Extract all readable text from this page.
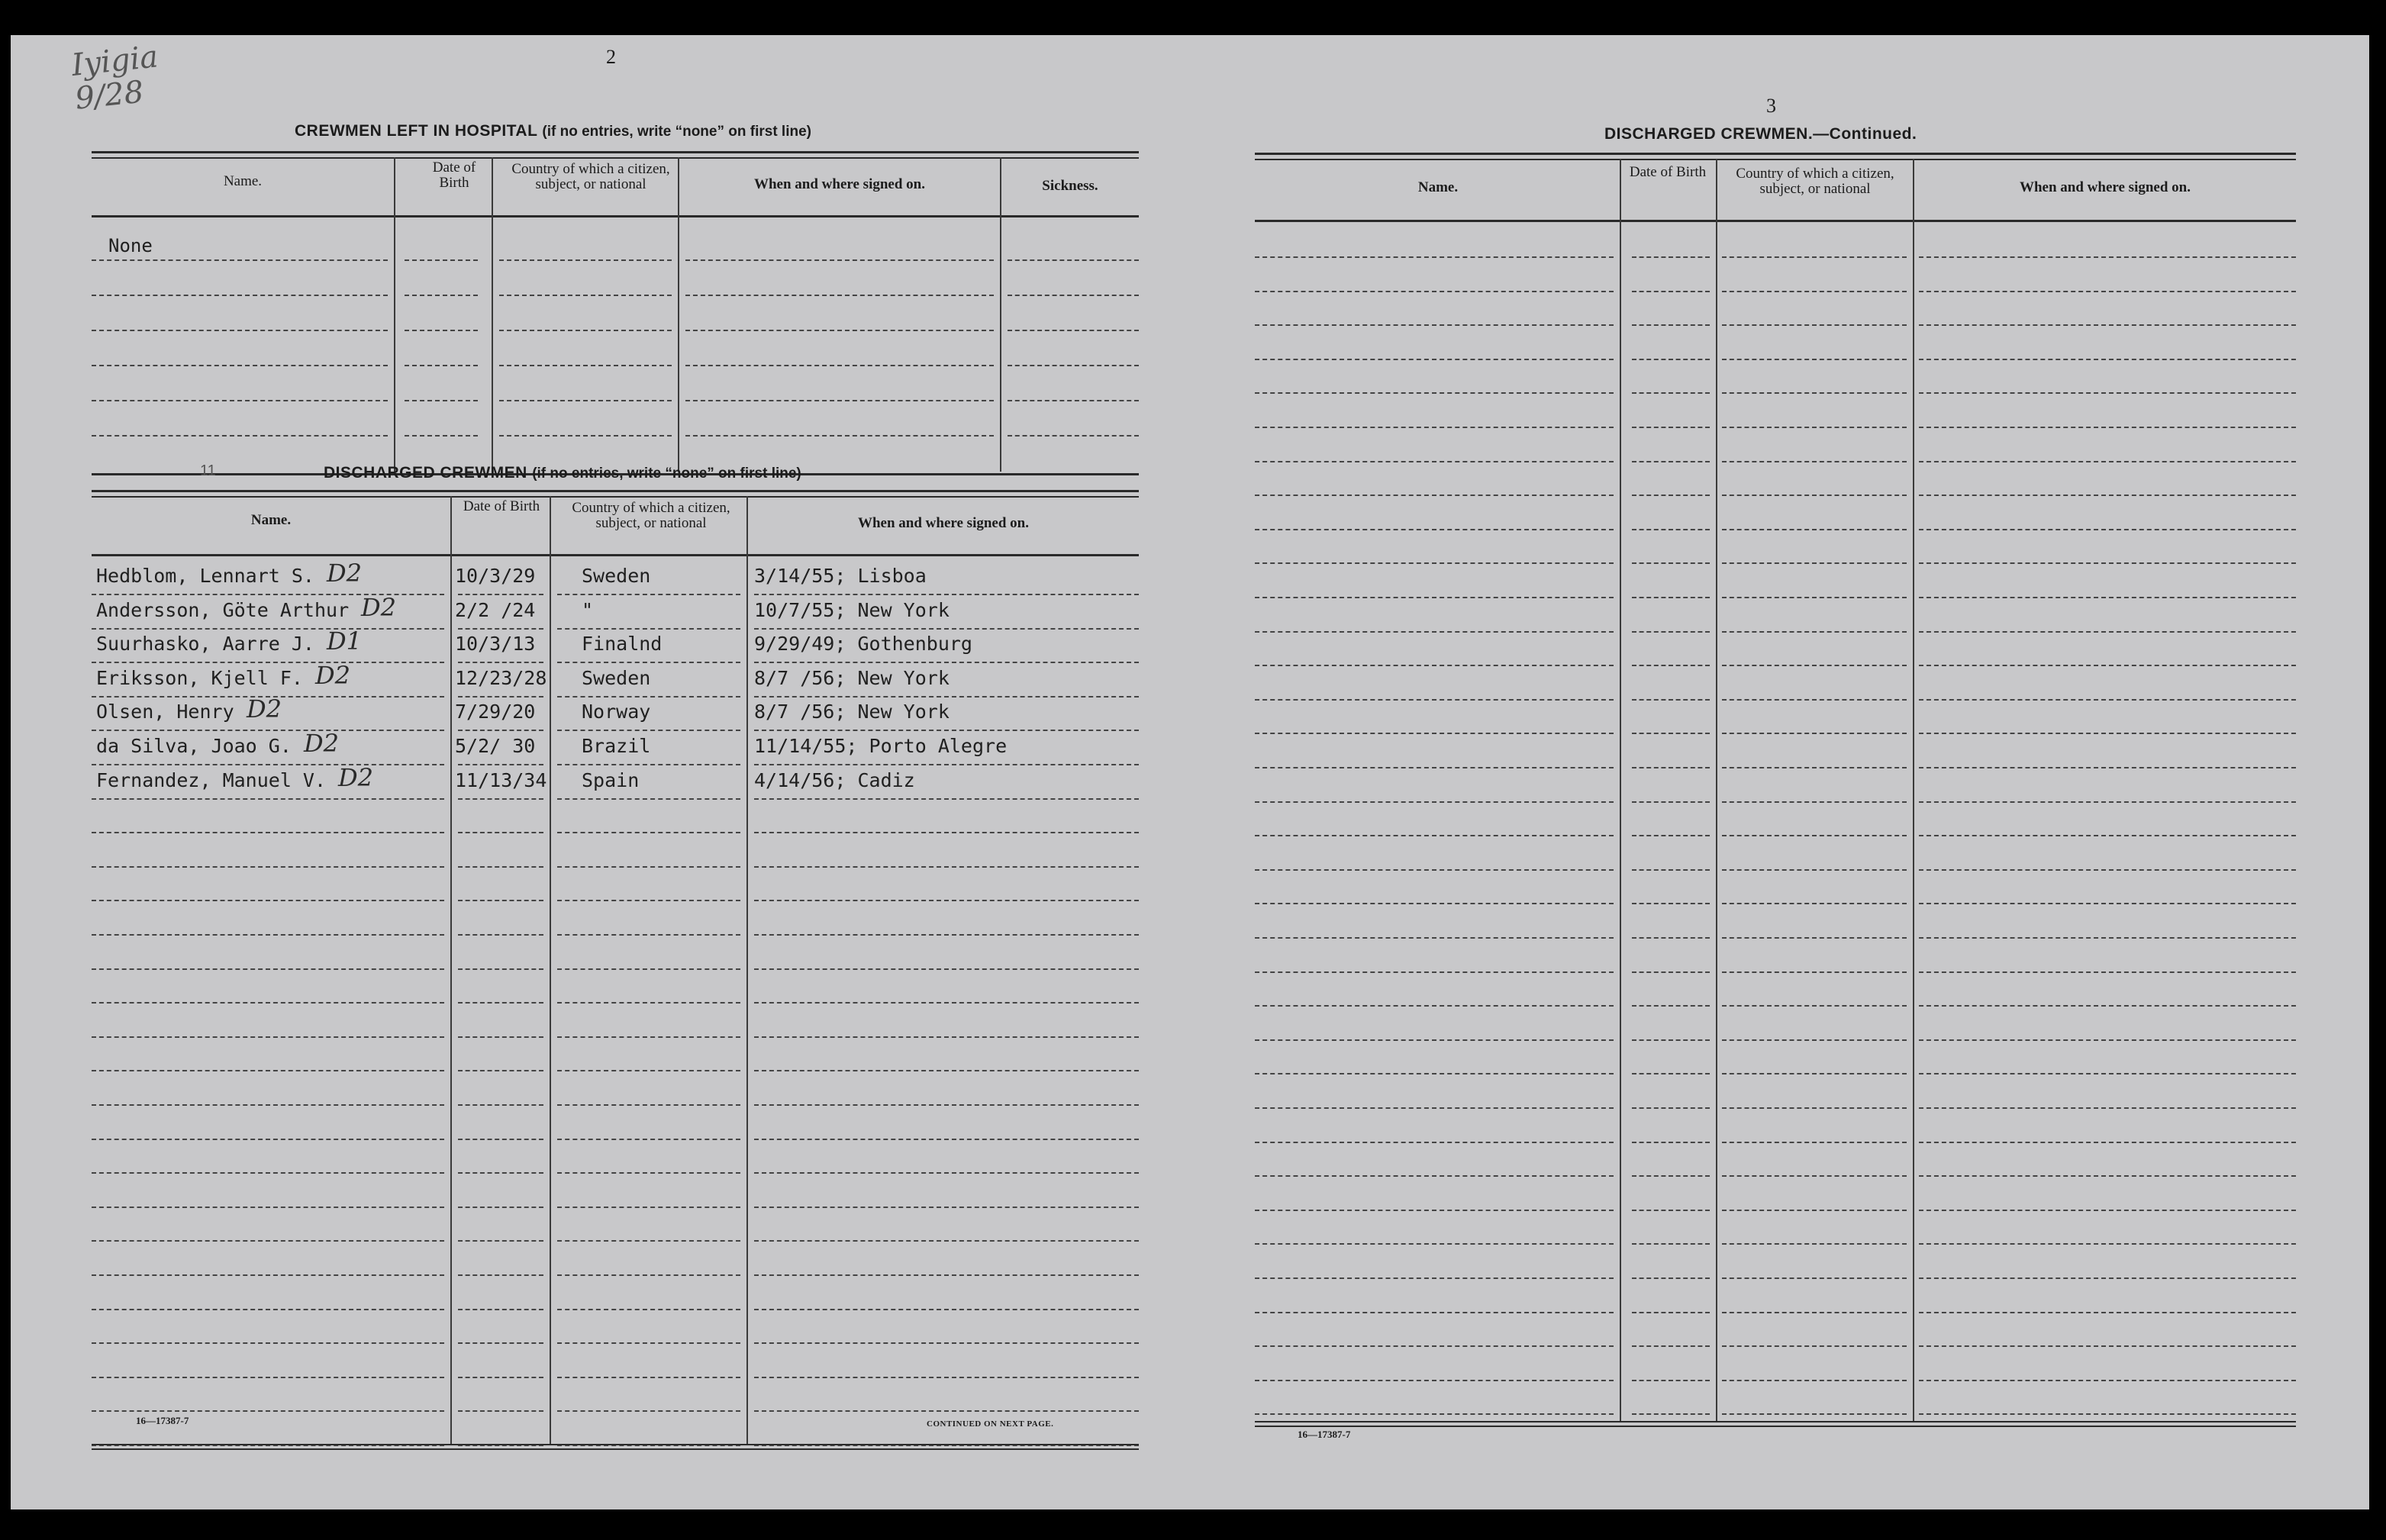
Iyigia
9/28
2
CREWMEN LEFT IN HOSPITAL (if no entries, write “none” on first line)
Name.
Date of Birth
Country of which a citizen, subject, or national	When and where signed on.	Sickness.
None
11	DISCHARGED CREWMEN (if no entries, write “none” on first line)
Name.
Date of Birth	Country of which a citizen, subject, or national	When and where signed on.
Hedblom, Lennart S. D2	10/3/29 Sweden	3/14/55; Lisboa
Andersson, Göte Arthur D2	2/2 /24 "	10/7/55; New York
Suurhasko, Aarre J. D1	10/3/13 Finalnd	9/29/49; Gothenburg
Eriksson, Kjell F. D2	12/23/28 Sweden	8/7 /56; New York
Olsen, Henry D2	7/29/20 Norway	8/7 /56; New York
da Silva, Joao G. D2	5/2/ 30 Brazil	11/14/55; Porto Alegre
Fernandez, Manuel V. D2	11/13/34 Spain	4/14/56; Cadiz
16—17387-7	CONTINUED ON NEXT PAGE.
3
DISCHARGED CREWMEN.—Continued.
Name.
Date of Birth	Country of which a citizen, subject, or national	When and where signed on.
16—17387-7
